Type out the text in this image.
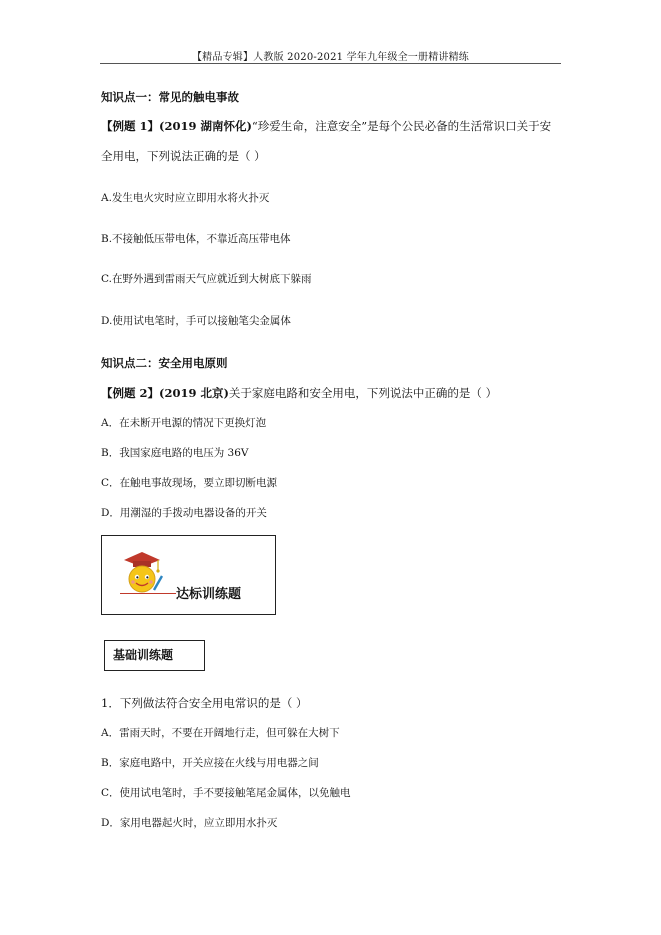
【精品专辑】人教版 2020-2021 学年九年级全一册精讲精练
知识点一：常见的触电事故
【例题 1】(2019 湖南怀化)“珍爱生命，注意安全”是每个公民必备的生活常识口关于安
全用电，下列说法正确的是（ ）
A.发生电火灾时应立即用水将火扑灭
B.不接触低压带电体，不靠近高压带电体
C.在野外遇到雷雨天气应就近到大树底下躲雨
D.使用试电笔时，手可以接触笔尖金属体
知识点二：安全用电原则
【例题 2】(2019 北京)关于家庭电路和安全用电，下列说法中正确的是（ ）
A．在未断开电源的情况下更换灯泡
B．我国家庭电路的电压为 36V
C．在触电事故现场，要立即切断电源
D．用潮湿的手拨动电器设备的开关
达标训练题
基础训练题
1．下列做法符合安全用电常识的是（ ）
A．雷雨天时，不要在开阔地行走，但可躲在大树下
B．家庭电路中，开关应接在火线与用电器之间
C．使用试电笔时，手不要接触笔尾金属体，以免触电
D．家用电器起火时，应立即用水扑灭
